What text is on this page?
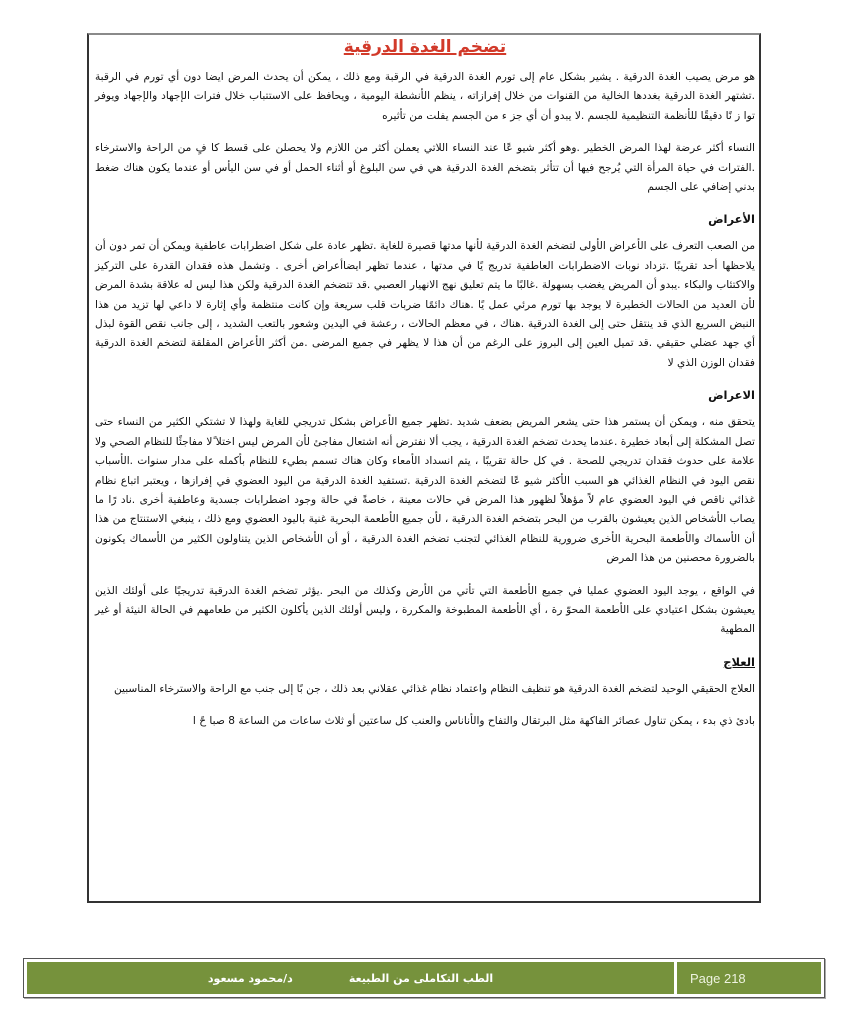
تضخم الغدة الدرقية

هو مرض يصيب الغدة الدرقية . يشير بشكل عام إلى تورم الغدة الدرقية في الرقبة ومع ذلك ، يمكن أن يحدث المرض ايضا دون أي تورم في الرقبة .تشتهر الغدة الدرقية بغددها الخالية من القنوات من خلال إفرازاته ، ينظم الأنشطة اليومية ، ويحافظ على الاستتباب خلال فترات الإجهاد والإجهاد ويوفر توا ز نًا دقيقًا للأنظمة التنظيمية للجسم .لا يبدو أن أي جز ء من الجسم يفلت من تأثيره

النساء أكثر عرضة لهذا المرض الخطير .وهو أكثر شيو عًا عند النساء اللاتي يعملن أكثر من اللازم ولا يحصلن على قسط كا فٍ من الراحة والاسترخاء .الفترات في حياة المرأة التي يُرجح فيها أن تتأثر بتضخم الغدة الدرقية هي في سن البلوغ أو أثناء الحمل أو في سن اليأس أو عندما يكون هناك ضغط بدني إضافي على الجسم

الأعراض

من الصعب التعرف على الأعراض الأولى لتضخم الغدة الدرقية لأنها مدتها قصيرة للغاية .تظهر عادة على شكل اضطرابات عاطفية ويمكن أن تمر دون أن يلاحظها أحد تقريبًا .تزداد نوبات الاضطرابات العاطفية تدريج يًا في مدتها ، عندما تظهر ايضاأعراض أخرى . وتشمل هذه فقدان القدرة على التركيز والاكتئاب والبكاء .يبدو أن المريض يغضب بسهولة .غالبًا ما يتم تعليق نهج الانهيار العصبي .قد تتضخم الغدة الدرقية ولكن هذا ليس له علاقة بشدة المرض لأن العديد من الحالات الخطيرة لا يوجد بها تورم مرئي عمل يًا .هناك دائمًا ضربات قلب سريعة وإن كانت منتظمة وأي إثارة لا داعي لها تزيد من هذا النبض السريع الذي قد ينتقل حتى إلى الغدة الدرقية .هناك ، في معظم الحالات ، رعشة في اليدين وشعور بالتعب الشديد ، إلى جانب نقص القوة لبذل أي جهد عضلي حقيقي .قد تميل العين إلى البروز على الرغم من أن هذا لا يظهر في جميع المرضى .من أكثر الأعراض المقلقة لتضخم الغدة الدرقية فقدان الوزن الذي لا

الاعراض

يتحقق منه ، ويمكن أن يستمر هذا حتى يشعر المريض بضعف شديد .تظهر جميع الأعراض بشكل تدريجي للغاية ولهذا لا تشتكي الكثير من النساء حتى تصل المشكلة إلى أبعاد خطيرة .عندما يحدث تضخم الغدة الدرقية ، يجب ألا نفترض أنه اشتعال مفاجئ لأن المرض ليس اختلا ًلا مفاجئًا للنظام الصحي ولا علامة على حدوث فقدان تدريجي للصحة . في كل حالة تقريبًا ، يتم انسداد الأمعاء وكان هناك تسمم بطيء للنظام بأكمله على مدار سنوات .الأسباب نقص اليود في النظام الغذائي هو السبب الأكثر شيو عًا لتضخم الغدة الدرقية .تستفيد الغدة الدرقية من اليود العضوي في إفرازها ، ويعتبر اتباع نظام غذائي ناقص في اليود العضوي عام لاً مؤهلاً لظهور هذا المرض في حالات معينة ، خاصةً في حالة وجود اضطرابات جسدية وعاطفية أخرى .ناد رًا ما يصاب الأشخاص الذين يعيشون بالقرب من البحر بتضخم الغدة الدرقية ، لأن جميع الأطعمة البحرية غنية باليود العضوي ومع ذلك ، ينبغي الاستنتاج من هذا أن الأسماك والأطعمة البحرية الأخرى ضرورية للنظام الغذائي لتجنب تضخم الغدة الدرقية ، أو أن الأشخاص الذين يتناولون الكثير من الأسماك يكونون بالضرورة محصنين من هذا المرض

في الواقع ، يوجد اليود العضوي عمليا في جميع الأطعمة التي تأتي من الأرض وكذلك من البحر .يؤثر تضخم الغدة الدرقية تدريجيًا على أولئك الذين يعيشون بشكل اعتيادي على الأطعمة المحوّ رة ، أي الأطعمة المطبوخة والمكررة ، وليس أولئك الذين يأكلون الكثير من طعامهم في الحالة النيئة أو غير المطهية

العلاج

العلاج الحقيقي الوحيد لتضخم الغدة الدرقية هو تنظيف النظام واعتماد نظام غذائي عقلاني بعد ذلك ، جن بًا إلى جنب مع الراحة والاسترخاء المناسبين

بادئ ذي بدء ، يمكن تناول عصائر الفاكهة مثل البرتقال والتفاح والأناناس والعنب كل ساعتين أو ثلاث ساعات من الساعة 8 صبا حً ا

الطب التكاملى من الطبيعة
د/محمود مسعود	Page 218
